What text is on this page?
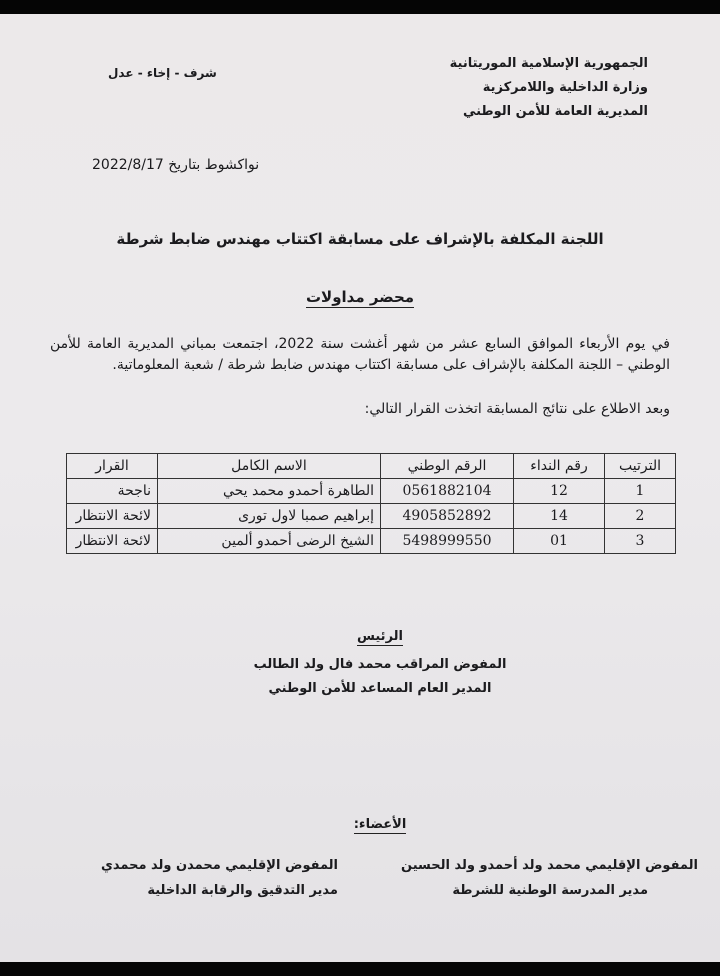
الجمهورية الإسلامية الموريتانية
وزارة الداخلية واللامركزية
المديرية العامة للأمن الوطني
شرف - إخاء - عدل
نواكشوط بتاريخ 2022/8/17
اللجنة المكلفة بالإشراف على مسابقة اكتتاب مهندس ضابط شرطة
محضر مداولات
في يوم الأربعاء الموافق السابع عشر من شهر أغشت سنة 2022، اجتمعت بمباني المديرية العامة للأمن الوطني – اللجنة المكلفة بالإشراف على مسابقة اكتتاب مهندس ضابط شرطة / شعبة المعلوماتية.
وبعد الاطلاع على نتائج المسابقة اتخذت القرار التالي:
الترتيب	رقم النداء	الرقم الوطني	الاسم الكامل	القرار
1	12	0561882104	الطاهرة أحمدو محمد يحي	ناجحة
2	14	4905852892	إبراهيم صمبا لاول تورى	لائحة الانتظار
3	01	5498999550	الشيخ الرضى أحمدو ألمين	لائحة الانتظار
الرئيس
المفوض المراقب محمد فال ولد الطالب
المدير العام المساعد للأمن الوطني
الأعضاء:
المفوض الإقليمي محمد ولد أحمدو ولد الحسين
مدير المدرسة الوطنية للشرطة
المفوض الإقليمي محمدن ولد محمدي
مدير التدقيق والرقابة الداخلية
